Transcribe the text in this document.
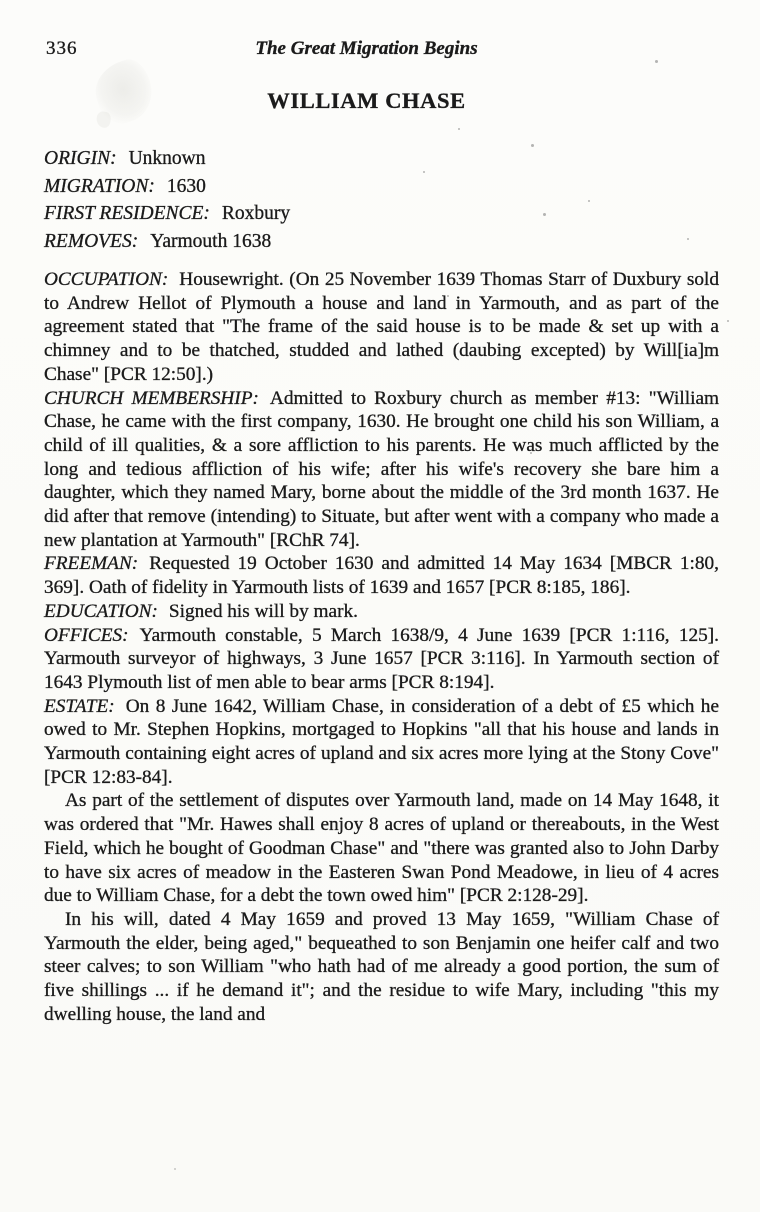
336	The Great Migration Begins
WILLIAM CHASE
ORIGIN: Unknown
MIGRATION: 1630
FIRST RESIDENCE: Roxbury
REMOVES: Yarmouth 1638

OCCUPATION: Housewright. (On 25 November 1639 Thomas Starr of Duxbury sold to Andrew Hellot of Plymouth a house and land in Yarmouth, and as part of the agreement stated that "The frame of the said house is to be made & set up with a chimney and to be thatched, studded and lathed (daubing excepted) by Will[ia]m Chase" [PCR 12:50].)

CHURCH MEMBERSHIP: Admitted to Roxbury church as member #13: "William Chase, he came with the first company, 1630. He brought one child his son William, a child of ill qualities, & a sore affliction to his parents. He was much afflicted by the long and tedious affliction of his wife; after his wife's recovery she bare him a daughter, which they named Mary, borne about the middle of the 3rd month 1637. He did after that remove (intending) to Situate, but after went with a company who made a new plantation at Yarmouth" [RChR 74].

FREEMAN: Requested 19 October 1630 and admitted 14 May 1634 [MBCR 1:80, 369]. Oath of fidelity in Yarmouth lists of 1639 and 1657 [PCR 8:185, 186].

EDUCATION: Signed his will by mark.

OFFICES: Yarmouth constable, 5 March 1638/9, 4 June 1639 [PCR 1:116, 125]. Yarmouth surveyor of highways, 3 June 1657 [PCR 3:116]. In Yarmouth section of 1643 Plymouth list of men able to bear arms [PCR 8:194].

ESTATE: On 8 June 1642, William Chase, in consideration of a debt of £5 which he owed to Mr. Stephen Hopkins, mortgaged to Hopkins "all that his house and lands in Yarmouth containing eight acres of upland and six acres more lying at the Stony Cove" [PCR 12:83-84].

As part of the settlement of disputes over Yarmouth land, made on 14 May 1648, it was ordered that "Mr. Hawes shall enjoy 8 acres of upland or thereabouts, in the West Field, which he bought of Goodman Chase" and "there was granted also to John Darby to have six acres of meadow in the Easteren Swan Pond Meadowe, in lieu of 4 acres due to William Chase, for a debt the town owed him" [PCR 2:128-29].

In his will, dated 4 May 1659 and proved 13 May 1659, "William Chase of Yarmouth the elder, being aged," bequeathed to son Benjamin one heifer calf and two steer calves; to son William "who hath had of me already a good portion, the sum of five shillings ... if he demand it"; and the residue to wife Mary, including "this my dwelling house, the land and
